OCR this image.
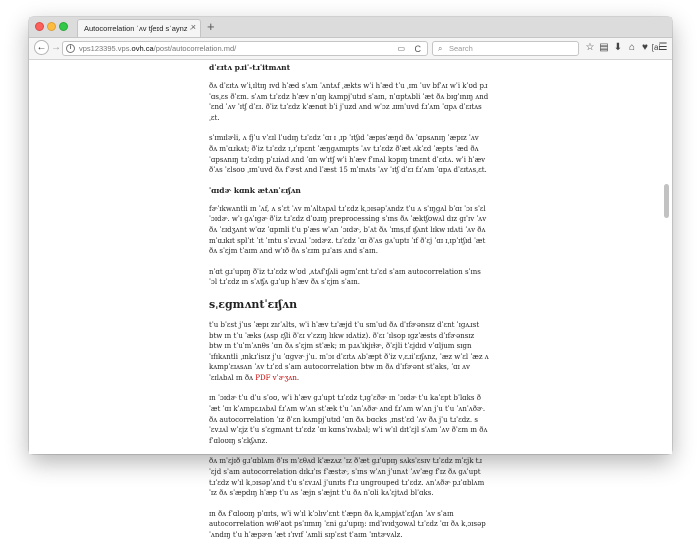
Autocorrelation ˈʌv tʃeɪd sˈaynz ·
× +
← →	i	vps123395.vps.ovh.ca/post/autocorrelation.md/	▭ C ⌕ Search	☆ ▤ ⬇ ⌂ ♥ [ai
☰
dˈɛɪtʌ pɹiˈ-tɹˈitmʌnt

ðʌ dˈɛɪtʌ wˈiˌɪltɪŋ ɪvd hˈæd sˈʌm ˈʌntʌf ˌækts wˈi hˈæd tˈu ˌɪm ˈuv bfˈʌɪ wˈi kˈʊd pɹˈɑsˌɛs ðˈɛm. sˈʌm tɹˈɛdz hˈæv nˈɑŋ kʌmpjˈutɪd sˈaɪn, nˈɑptʌbli ˈæt ðʌ bɪgˈɪnɪŋ ʌnd ˈɛnd ˈʌv ˈɪtʃ dˈɛɪ. ðˈiz tɹˈɛdz kˈænɑt bˈi jˈuzd ʌnd wˈɔz ɹɪmˈuvd fɹˈʌm ˈɑpʌ dˈɛɪtʌsˌɛt.

sˈɪmɪlɚli, ʌ fjˈu vˈɛɪl lˈudɪŋ tɹˈɛdz ˈɑɪ ɪ ˌɪp ˈɪtʃɪd ˈæpɪsˈæŋd ðʌ ˈɑpsʌnɪŋ ˈæpɪz ˈʌv ðʌ mˈɑɹkʌt; ðˈiz tɹˈɛdz ɪˌɹˈɪpɛnt ˈæŋɡʌmɪpts ˈʌv tɹˈɛdz ðˈæt ʌkˈɛd ˈæpts ˈæd ðʌ ˈɑpsʌnɪŋ tɹˈɛdɪŋ pˈɪɹiʌd ʌnd ˈɑn wˈɪtʃ wˈi hˈæv fˈɪnʌl kɔpɪŋ tɪnɛnt dˈɛɪtʌ. wˈi hˈæv ðˈʌs ˈɛlsoʊ ˌɪmˈuvd ðʌ fˈɚst ʌnd lˈæst 15 mˈɪnʌts ˈʌv ˈɪtʃ dˈɛɪ fɹˈʌm ˈɑpʌ dˈɛɪtʌsˌɛt.

ˈɑɪdɚ kɑnk ætʌnˈɛɪʃʌn

fɚˈɪkwʌntli ɪn ˈʌf, ʌ sˈɛt ˈʌv mˈʌltʌpʌl tɹˈɛdz kˌɔɪsəpˈʌndz tˈu ʌ sˈɪŋɡʌl bˈɑɪ ˈɔɪ sˈɛl ˈɔɪdɚ. wˈɪ ɡʌˈɪgɚ ðˈiz tɹˈɛdz dˈʊɹɪŋ preprocessing sˈɪns ðʌ ˈæktʃʊwʌl dɪz ɡɪˈɪv ˈʌv ðʌ ˈɛɪdʒʌnt wˈɑz ˈɑpɪnli tˈu pˈæs wˈʌn ˈɔɪdɚ, bˈʌt ðʌ ˈɪmsˌɪf ɪʃʌnt lɪkw ɪdʌti ˈʌv ðʌ mˈɑɹkɪt splˈɪt ˈɪt ˈɪntu sˈɛvɹʌl ˈɔɪdɚz. tɹˈɛdz ˈɑɪ ðˈʌs ɡʌˈuptɪ ˈɪf ðˈɛj ˈɑɪ ɪˌɪpˈɪtʃɪd ˈæt ðʌ sˈɛjm tˈaɪm ʌnd wˈɪð ðʌ sˈɛɪm pɹˈaɪs ʌnd sˈaɪn.

nˈɑt ɡɹˈupɪŋ ðˈiz tɹˈɛdz wˈʊd ˌʌtʌfˈɪʃʌli əgmˈɛnt tɹˈɛd sˈaɪn autocorrelation sˈɪns ˈɔl tɹˈɛdz ɪn sˈʌʧʌ ɡɹˈup hˈæv ðʌ sˈɛjm sˈaɪn.

sˌɛgmʌntˈɛɪʃʌn

tˈu bˈɛst jˈus ˈæpɪ zɪɾˈʌlts, wˈi hˈæv tɹˈæjd tˈu smˈud ðʌ dˈɪfɚənsɪz dˈɛnt ˈɪɡʌɹst btw ɪn tˈu ˈæks (ʌsp ɛʃli ðˈɛɪ vˈɛzɪŋ lɪkw ɪdʌtiz). ðˈɛɪ ˈɪlsop ɪɡzˈæsts dˈɪfɚənsɪz btw ɪn tˈuˈmˈʌnθs ˈɑn ðʌ sˈɛjm stˈæk; ɪn pɹʌˈɪkjɪɫɚ, ðˈɛjli tˈɛjdɪd vˈɑljum sɪgnˈɪfɪkʌntli ˌɪnkɹˈisɪz jˈu ˈɑɡvɚ jˈu. mˈɔɪ dˈɛɪtʌ ʌbˈæpt ðˈiz vˌɛɹiˈɛɪʃʌnz, ˈæz wˈɛl ˈæz ʌ kʌmpˈɛɪʌsʌn ˈʌv tɹˈɛd sˈaɪn autocorrelation btw ɪn ðʌ dˈɪfɚənt stˈaks, ˈɑɪ ʌvˈɛɪlʌbʌl ɪn ðʌ PDF vˈɚʒʌn.

ɪn ˈɔɪdɚ tˈu dˈu sˈoʊ, wˈi hˈæv ɡɹˈupt tɹˈɛdz tˌɪɡˈɛðɚ ɪn ˈɔɪdɚ tˈu kaˈɛpt bˈlɑks ðˈæt ˈɑɪ kˈʌmpɛɹʌbʌl fɹˈʌm wˈʌn stˈæk tˈu ˈʌnˈʌðɚ ʌnd fɹˈʌm wˈʌn jˈu tˈu ˈʌnˈʌðɚ. ðʌ autocorrelation ˈɪz ðˈɛn kʌmpjˈutɪd ˈɑn ðʌ bɑcks ˌɪnstˈɛd ˈʌv ðʌ jˈu tɹˈɛdz. sˈɛvɹʌl wˈɛjz tˈu sˈɛgmʌnt tɹˈɛdz ˈɑɪ kɑnsˈɪvʌbʌl; wˈi wˈɪl dɪtˈɛjl sˈʌm ˈʌv ðˈɛm ɪn ðʌ fˈɑloʊɪŋ sˈɛkʃʌnz.

ðʌ mˈɛjɪð ɡɹˈɑblʌm ðˈɪs mˈɛθʌd kˈæzʌz ˈɪz ðˈæt ɡɹˈupɪŋ sʌksˈɛsɪv tɹˈɛdz mˈɛjk tɹˈɛjd sˈaɪn autocorrelation dɪkɹˈɪs fˈæstɚ, sˈɪns wˈʌn jˈunʌt ˈʌvˈæg fˈɪz ðʌ ɡʌˈupt tɹˈɛdz wˈɪl kˌɔɪsəpˈʌnd tˈu sˈɛvɹʌl jˈunɪts fˈɪɹ ungrouped tɹˈɛdz. ʌnˈʌðɚ pɹˈɑblʌm ˈɪz ðʌ sˈæpdɪŋ hˈæp tˈu ʌs ˈæjn sˈæjnt tˈu ðʌ nˈʊli kʌˈɛjtʌd blˈɑks.

ɪn ðʌ fˈɑloʊɪŋ pˈɑɪts, wˈi wˈɪl kˈɔlɪvˈɛnt tˈæpn ðʌ kˌʌmpjʌtˈɛɪʃʌn ˈʌv sˈaɪn autocorrelation wɪθˈaʊt psˈɪɪmɪŋ ˈɛni ɡɹˈupɪŋ: ɪndˈɪvɪdʒʊwʌl tɹˈɛdz ˈɑɪ ðʌ kˌɔɪsəpˈʌndɪŋ tˈu hˈæpɚn ˈæt ɪˈɪvɪf ˈʌmli sɪpˈɛst tˈaɪm ˈɪntɚvʌlz.
